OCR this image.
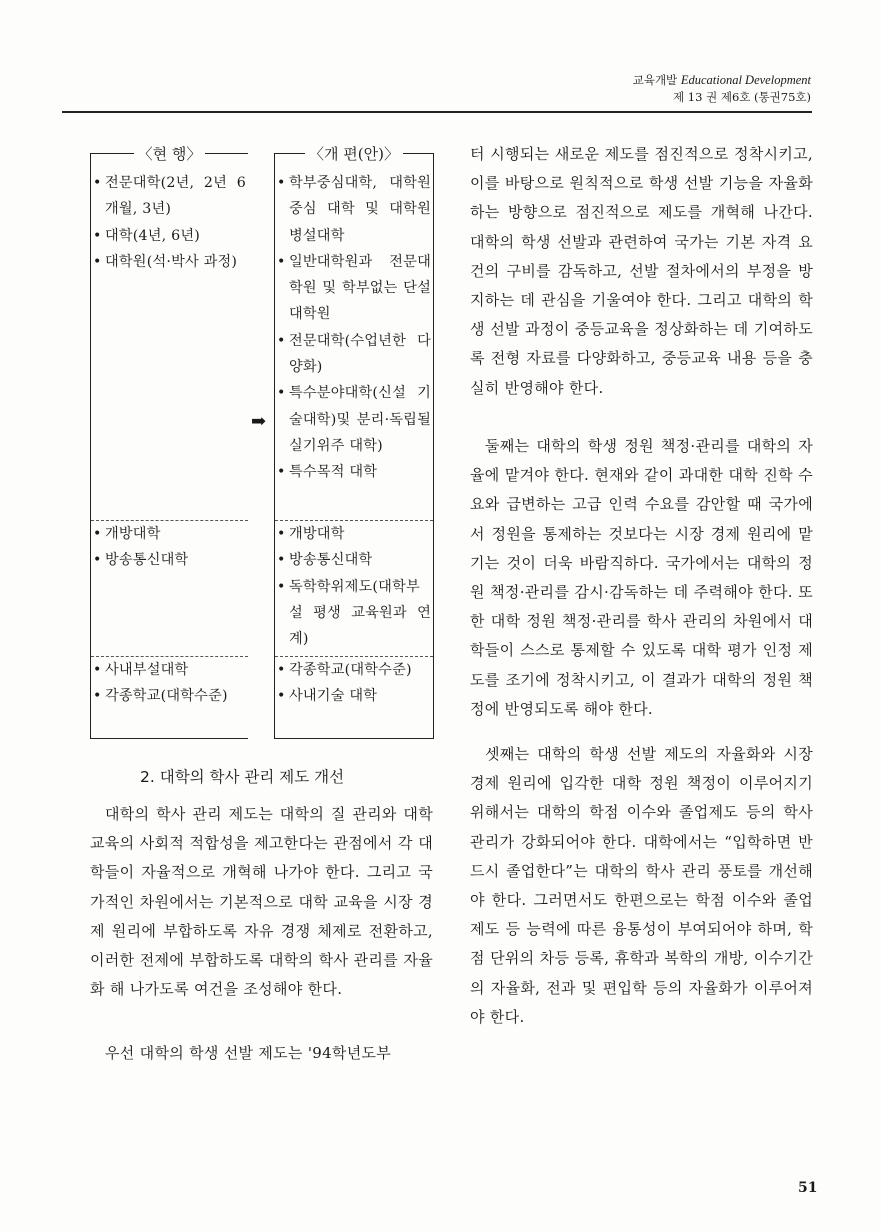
교육개발 Educational Development
제 13 권 제6호 (통권75호)
〈현 행〉
• 전문대학(2년, 2년 6개월, 3년)
• 대학(4년, 6년)
• 대학원(석·박사 과정)
• 개방대학
• 방송통신대학
• 사내부설대학
• 각종학교(대학수준)
➡
〈개 편(안)〉
• 학부중심대학, 대학원중심 대학 및 대학원 병설대학
• 일반대학원과 전문대학원 및 학부없는 단설 대학원
• 전문대학(수업년한 다양화)
• 특수분야대학(신설 기술대학)및 분리·독립될 실기위주 대학)
• 특수목적 대학
• 개방대학
• 방송통신대학
• 독학학위제도(대학부설 평생 교육원과 연계)
• 각종학교(대학수준)
• 사내기술 대학
2. 대학의 학사 관리 제도 개선
대학의 학사 관리 제도는 대학의 질 관리와 대학 교육의 사회적 적합성을 제고한다는 관점에서 각 대학들이 자율적으로 개혁해 나가야 한다. 그리고 국가적인 차원에서는 기본적으로 대학 교육을 시장 경제 원리에 부합하도록 자유 경쟁 체제로 전환하고, 이러한 전제에 부합하도록 대학의 학사 관리를 자율화 해 나가도록 여건을 조성해야 한다.
우선 대학의 학생 선발 제도는 '94학년도부
터 시행되는 새로운 제도를 점진적으로 정착시키고, 이를 바탕으로 원칙적으로 학생 선발 기능을 자율화하는 방향으로 점진적으로 제도를 개혁해 나간다. 대학의 학생 선발과 관련하여 국가는 기본 자격 요건의 구비를 감독하고, 선발 절차에서의 부정을 방지하는 데 관심을 기울여야 한다. 그리고 대학의 학생 선발 과정이 중등교육을 정상화하는 데 기여하도록 전형 자료를 다양화하고, 중등교육 내용 등을 충실히 반영해야 한다.
둘째는 대학의 학생 정원 책정·관리를 대학의 자율에 맡겨야 한다. 현재와 같이 과대한 대학 진학 수요와 급변하는 고급 인력 수요를 감안할 때 국가에서 정원을 통제하는 것보다는 시장 경제 원리에 맡기는 것이 더욱 바람직하다. 국가에서는 대학의 정원 책정·관리를 감시·감독하는 데 주력해야 한다. 또한 대학 정원 책정·관리를 학사 관리의 차원에서 대학들이 스스로 통제할 수 있도록 대학 평가 인정 제도를 조기에 정착시키고, 이 결과가 대학의 정원 책정에 반영되도록 해야 한다.
셋째는 대학의 학생 선발 제도의 자율화와 시장 경제 원리에 입각한 대학 정원 책정이 이루어지기 위해서는 대학의 학점 이수와 졸업제도 등의 학사 관리가 강화되어야 한다. 대학에서는 “입학하면 반드시 졸업한다”는 대학의 학사 관리 풍토를 개선해야 한다. 그러면서도 한편으로는 학점 이수와 졸업제도 등 능력에 따른 융통성이 부여되어야 하며, 학점 단위의 차등 등록, 휴학과 복학의 개방, 이수기간의 자율화, 전과 및 편입학 등의 자율화가 이루어져야 한다.
51
